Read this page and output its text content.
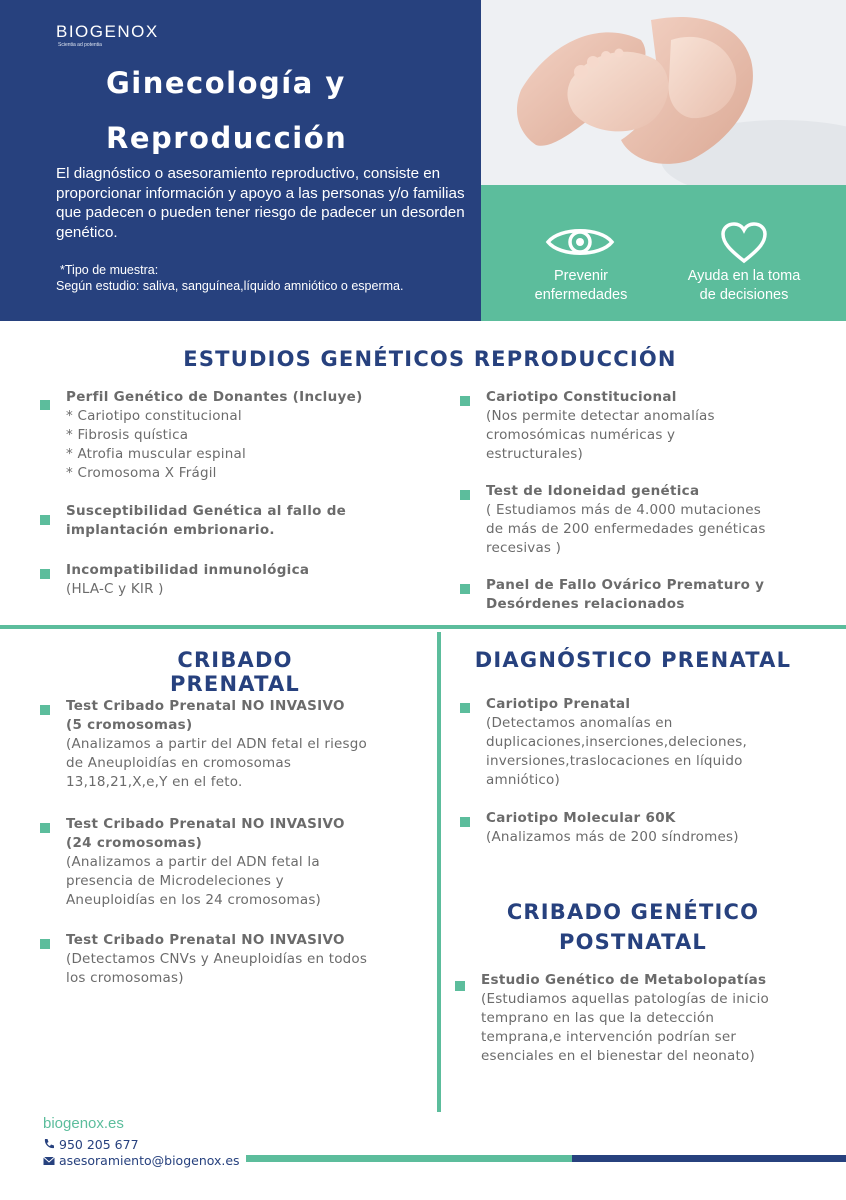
BIOGENOX
Scientia ad potentia
Ginecología y
Reproducción
El diagnóstico o asesoramiento reproductivo, consiste en proporcionar información y apoyo a las personas y/o familias que padecen o pueden tener riesgo de padecer un desorden genético.
*Tipo de muestra:
Según estudio: saliva, sanguínea,líquido amniótico o esperma.
Prevenir
enfermedades
Ayuda en la toma
de decisiones
ESTUDIOS GENÉTICOS REPRODUCCIÓN
Perfil Genético de Donantes (Incluye)
* Cariotipo constitucional
* Fibrosis quística
* Atrofia muscular espinal
* Cromosoma X Frágil
Susceptibilidad Genética al fallo de
implantación embrionario.
Incompatibilidad inmunológica
(HLA-C y KIR )
Cariotipo Constitucional
(Nos permite detectar anomalías
cromosómicas numéricas y
estructurales)
Test de Idoneidad genética
( Estudiamos más de 4.000 mutaciones
de más de 200 enfermedades genéticas
recesivas )
Panel de Fallo Ovárico Prematuro y
Desórdenes relacionados
CRIBADO PRENATAL
Test Cribado Prenatal NO INVASIVO
(5 cromosomas)
(Analizamos a partir del ADN fetal el riesgo
de Aneuploidías en cromosomas
13,18,21,X,e,Y en el feto.
Test Cribado Prenatal NO INVASIVO
(24 cromosomas)
(Analizamos a partir del ADN fetal la
presencia de Microdeleciones y
Aneuploidías en los 24 cromosomas)
Test Cribado Prenatal NO INVASIVO
(Detectamos CNVs y Aneuploidías en todos
los cromosomas)
DIAGNÓSTICO PRENATAL
Cariotipo Prenatal
(Detectamos anomalías en
duplicaciones,inserciones,deleciones,
inversiones,traslocaciones en líquido
amniótico)
Cariotipo Molecular 60K
(Analizamos más de 200 síndromes)
CRIBADO GENÉTICO
POSTNATAL
Estudio Genético de Metabolopatías
(Estudiamos aquellas patologías de inicio
temprano en las que la detección
temprana,e intervención podrían ser
esenciales en el bienestar del neonato)
biogenox.es
950 205 677
asesoramiento@biogenox.es
